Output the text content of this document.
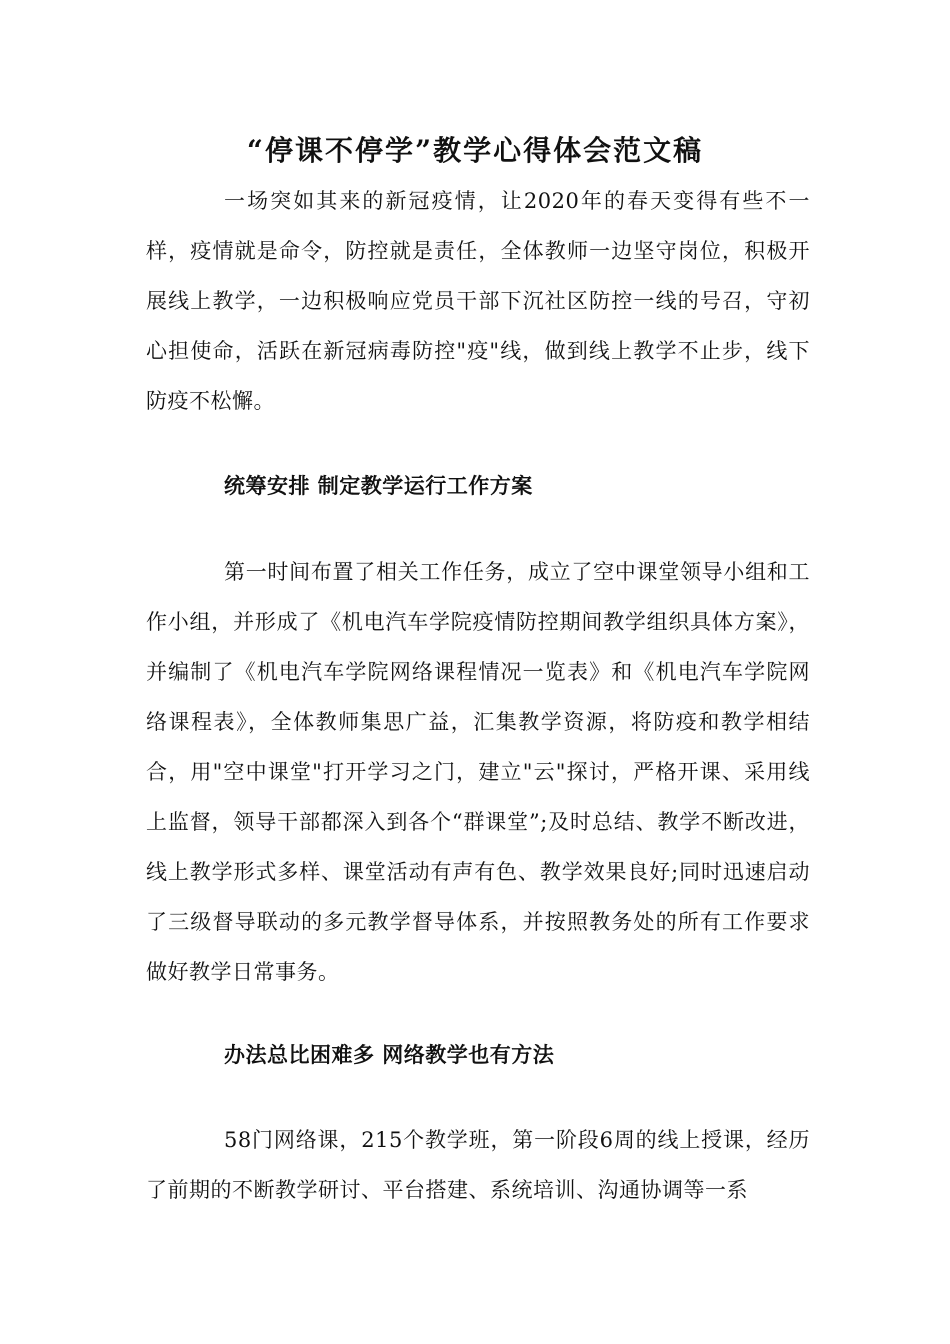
“停课不停学”教学心得体会范文稿

一场突如其来的新冠疫情，让2020年的春天变得有些不一样，疫情就是命令，防控就是责任，全体教师一边坚守岗位，积极开展线上教学，一边积极响应党员干部下沉社区防控一线的号召，守初心担使命，活跃在新冠病毒防控"疫"线，做到线上教学不止步，线下防疫不松懈。

统筹安排 制定教学运行工作方案

第一时间布置了相关工作任务，成立了空中课堂领导小组和工作小组，并形成了《机电汽车学院疫情防控期间教学组织具体方案》，并编制了《机电汽车学院网络课程情况一览表》和《机电汽车学院网络课程表》，全体教师集思广益，汇集教学资源，将防疫和教学相结合，用"空中课堂"打开学习之门，建立"云"探讨，严格开课、采用线上监督，领导干部都深入到各个“群课堂”;及时总结、教学不断改进，线上教学形式多样、课堂活动有声有色、教学效果良好;同时迅速启动了三级督导联动的多元教学督导体系，并按照教务处的所有工作要求做好教学日常事务。

办法总比困难多 网络教学也有方法

58门网络课，215个教学班，第一阶段6周的线上授课，经历了前期的不断教学研讨、平台搭建、系统培训、沟通协调等一系
